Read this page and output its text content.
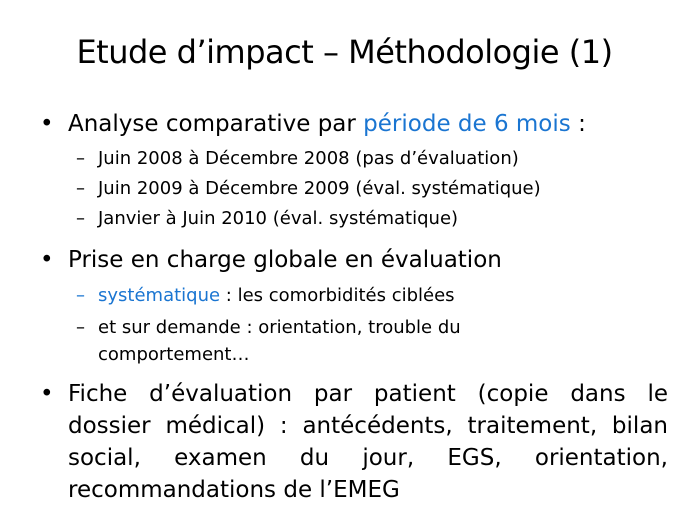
Etude d’impact – Méthodologie (1)
• Analyse comparative par période de 6 mois :
– Juin 2008 à Décembre 2008 (pas d’évaluation)
– Juin 2009 à Décembre 2009 (éval. systématique)
– Janvier à Juin 2010 (éval. systématique)
• Prise en charge globale en évaluation
– systématique : les comorbidités ciblées
– et sur demande : orientation, trouble du comportement…
• Fiche d’évaluation par patient (copie dans le dossier médical) : antécédents, traitement, bilan social, examen du jour, EGS, orientation, recommandations de l’EMEG
